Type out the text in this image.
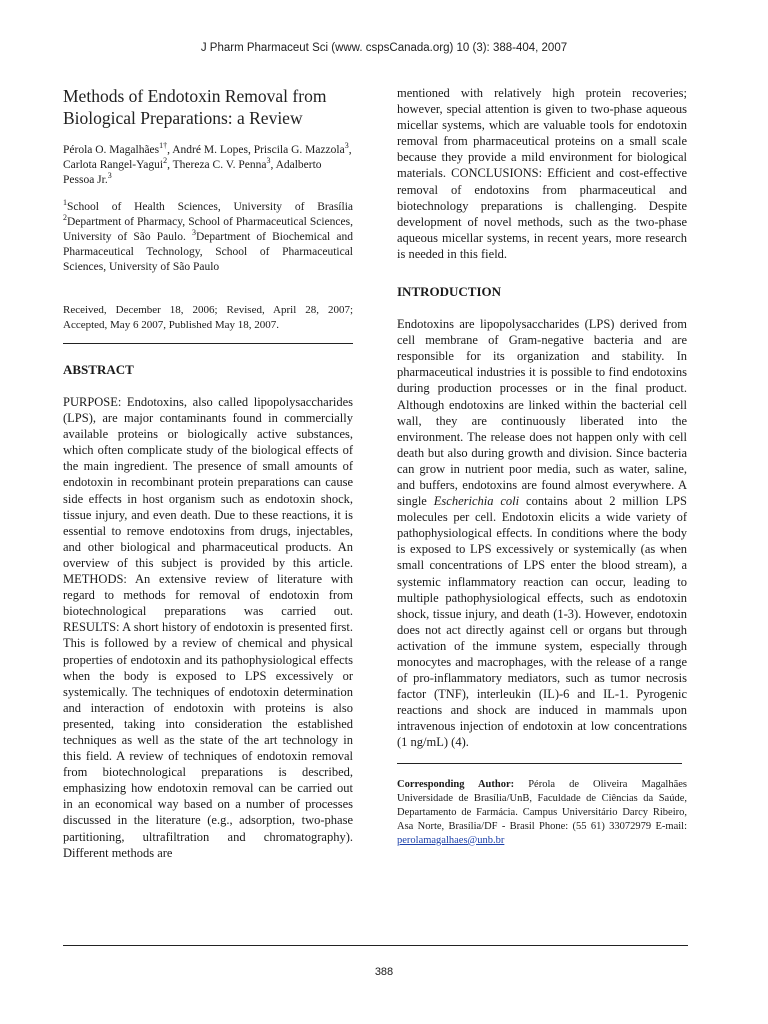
J Pharm Pharmaceut Sci (www. cspsCanada.org) 10 (3): 388-404, 2007
Methods of Endotoxin Removal from
Biological Preparations: a Review

Pérola O. Magalhães$^{1\dagger}$, André M. Lopes, Priscila G. Mazzola$^3$, Carlota Rangel-Yagui$^2$, Thereza C. V. Penna$^3$, Adalberto Pessoa Jr.$^3$

$^1$School of Health Sciences, University of Brasília $^2$Department of Pharmacy, School of Pharmaceutical Sciences, University of São Paulo. $^3$Department of Biochemical and Pharmaceutical Technology, School of Pharmaceutical Sciences, University of São Paulo

Received, December 18, 2006; Revised, April 28, 2007; Accepted, May 6 2007, Published May 18, 2007.

ABSTRACT

PURPOSE: Endotoxins, also called lipopolysaccharides (LPS), are major contaminants found in commercially available proteins or biologically active substances, which often complicate study of the biological effects of the main ingredient. The presence of small amounts of endotoxin in recombinant protein preparations can cause side effects in host organism such as endotoxin shock, tissue injury, and even death. Due to these reactions, it is essential to remove endotoxins from drugs, injectables, and other biological and pharmaceutical products. An overview of this subject is provided by this article. METHODS: An extensive review of literature with regard to methods for removal of endotoxin from biotechnological preparations was carried out. RESULTS: A short history of endotoxin is presented first. This is followed by a review of chemical and physical properties of endotoxin and its pathophysiological effects when the body is exposed to LPS excessively or systemically. The techniques of endotoxin determination and interaction of endotoxin with proteins is also presented, taking into consideration the established techniques as well as the state of the art technology in this field. A review of techniques of endotoxin removal from biotechnological preparations is described, emphasizing how endotoxin removal can be carried out in an economical way based on a number of processes discussed in the literature (e.g., adsorption, two-phase partitioning, ultrafiltration and chromatography). Different methods are

mentioned with relatively high protein recoveries; however, special attention is given to two-phase aqueous micellar systems, which are valuable tools for endotoxin removal from pharmaceutical proteins on a small scale because they provide a mild environment for biological materials. CONCLUSIONS: Efficient and cost-effective removal of endotoxins from pharmaceutical and biotechnology preparations is challenging. Despite development of novel methods, such as the two-phase aqueous micellar systems, in recent years, more research is needed in this field.

INTRODUCTION

Endotoxins are lipopolysaccharides (LPS) derived from cell membrane of Gram-negative bacteria and are responsible for its organization and stability. In pharmaceutical industries it is possible to find endotoxins during production processes or in the final product. Although endotoxins are linked within the bacterial cell wall, they are continuously liberated into the environment. The release does not happen only with cell death but also during growth and division. Since bacteria can grow in nutrient poor media, such as water, saline, and buffers, endotoxins are found almost everywhere. A single Escherichia coli contains about 2 million LPS molecules per cell. Endotoxin elicits a wide variety of pathophysiological effects. In conditions where the body is exposed to LPS excessively or systemically (as when small concentrations of LPS enter the blood stream), a systemic inflammatory reaction can occur, leading to multiple pathophysiological effects, such as endotoxin shock, tissue injury, and death (1-3). However, endotoxin does not act directly against cell or organs but through activation of the immune system, especially through monocytes and macrophages, with the release of a range of pro-inflammatory mediators, such as tumor necrosis factor (TNF), interleukin (IL)-6 and IL-1. Pyrogenic reactions and shock are induced in mammals upon intravenous injection of endotoxin at low concentrations (1 ng/mL) (4).

Corresponding Author: Pérola de Oliveira Magalhães Universidade de Brasília/UnB, Faculdade de Ciências da Saúde, Departamento de Farmácia. Campus Universitário Darcy Ribeiro, Asa Norte, Brasília/DF - Brasil Phone: (55 61) 33072979 E-mail: perolamagalhaes@unb.br

388
